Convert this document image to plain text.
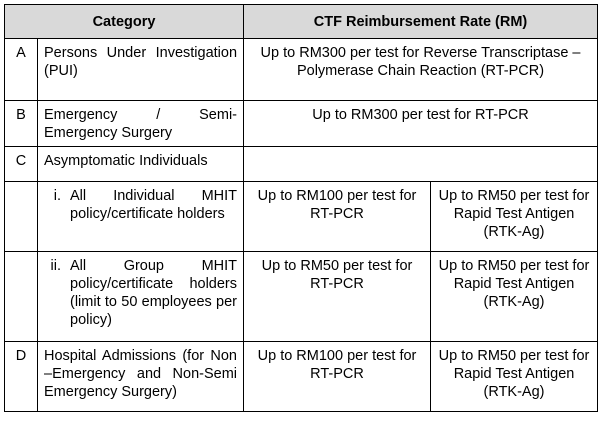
Category		CTF Reimbursement Rate (RM)	
A	Persons Under Investigation (PUI)	Up to RM300 per test for Reverse Transcriptase – Polymerase Chain Reaction (RT-PCR)	
B	Emergency / Semi-Emergency Surgery	Up to RM300 per test for RT-PCR	
C	Asymptomatic Individuals		

	i. All Individual MHIT policy/certificate holders	Up to RM100 per test for RT-PCR	Up to RM50 per test for Rapid Test Antigen (RTK-Ag)

	ii. All Group MHIT policy/certificate holders (limit to 50 employees per policy)	Up to RM50 per test for RT-PCR	Up to RM50 per test for Rapid Test Antigen (RTK-Ag)
D	Hospital Admissions (for Non –Emergency and Non-Semi Emergency Surgery)	Up to RM100 per test for RT-PCR	Up to RM50 per test for Rapid Test Antigen (RTK-Ag)
